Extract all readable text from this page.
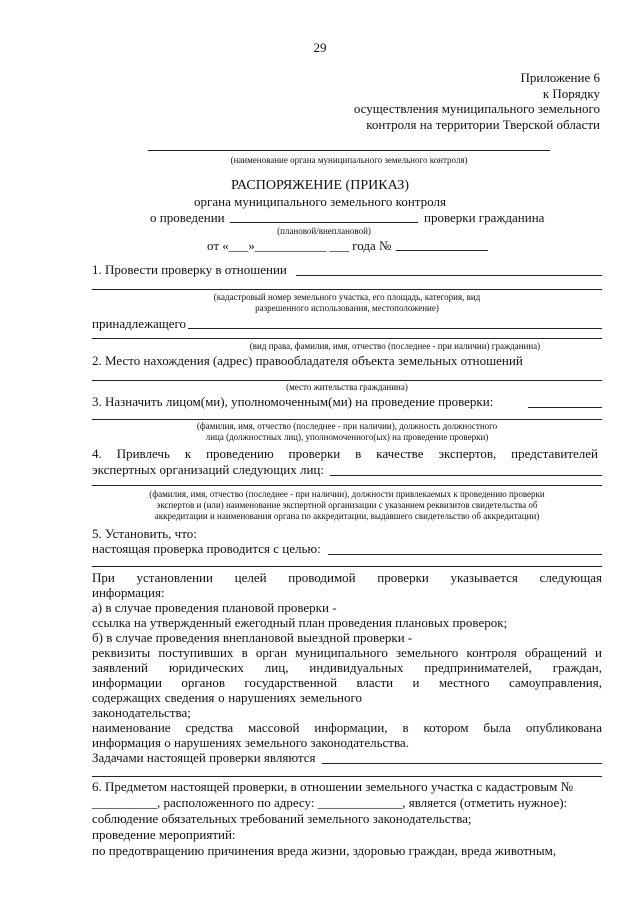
29
Приложение 6
к Порядку
осуществления муниципального земельного
контроля на территории Тверской области
(наименование органа муниципального земельного контроля)
РАСПОРЯЖЕНИЕ (ПРИКАЗ)
органа муниципального земельного контроля
о проведении	проверки гражданина
(плановой/внеплановой)
от «___»___________ ___ года №
1. Провести проверку в отношении
(кадастровый номер земельного участка, его площадь, категория, вид
разрешенного использования, местоположение)
принадлежащего
(вид права, фамилия, имя, отчество (последнее - при наличии) гражданина)
2. Место нахождения (адрес) правообладателя объекта земельных отношений
(место жительства гражданина)
3. Назначить лицом(ми), уполномоченным(ми) на проведение проверки:
(фамилия, имя, отчество (последнее - при наличии), должность должностного
лица (должностных лиц), уполномоченного(ых) на проведение проверки)
4. Привлечь к проведению проверки в качестве экспертов, представителей
экспертных организаций следующих лиц:
(фамилия, имя, отчество (последнее - при наличии), должности привлекаемых к проведению проверки
экспертов и (или) наименование экспертной организации с указанием реквизитов свидетельства об
аккредитации и наименования органа по аккредитации, выдавшего свидетельство об аккредитации)
5. Установить, что:
настоящая проверка проводится с целью:
При установлении целей проводимой проверки указывается следующая
информация:
а) в случае проведения плановой проверки -
ссылка на утвержденный ежегодный план проведения плановых проверок;
б) в случае проведения внеплановой выездной проверки -
реквизиты поступивших в орган муниципального земельного контроля обращений и
заявлений юридических лиц, индивидуальных предпринимателей, граждан,
информации органов государственной власти и местного самоуправления,
содержащих сведения о нарушениях земельного
законодательства;
наименование средства массовой информации, в котором была опубликована
информация о нарушениях земельного законодательства.
Задачами настоящей проверки являются
6. Предметом настоящей проверки, в отношении земельного участка с кадастровым №
__________, расположенного по адресу: _____________, является (отметить нужное):
соблюдение обязательных требований земельного законодательства;
проведение мероприятий:
по предотвращению причинения вреда жизни, здоровью граждан, вреда животным,
